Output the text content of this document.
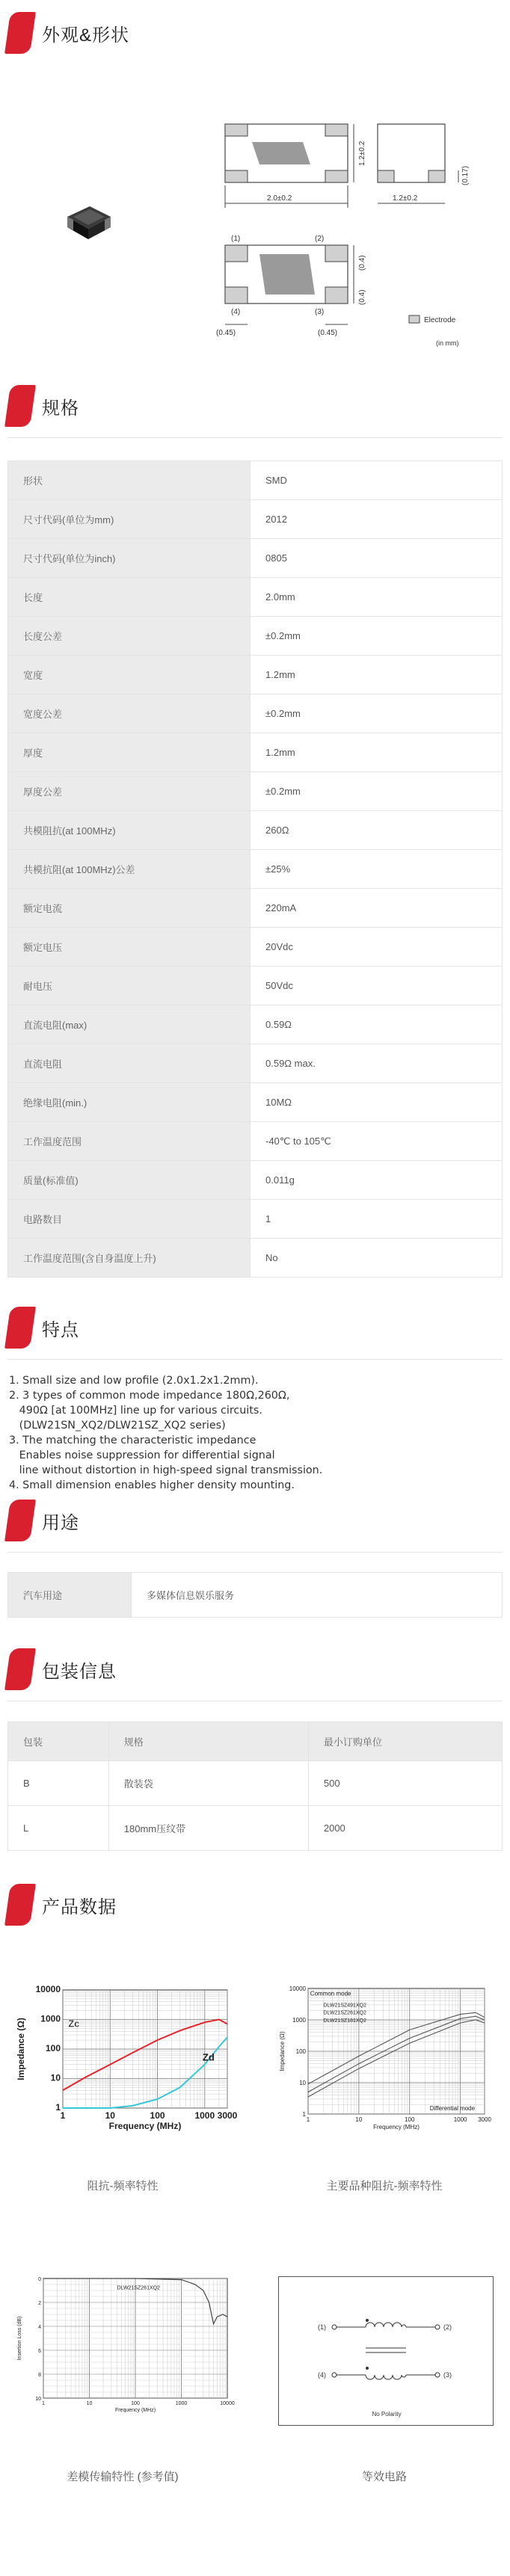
外观&形状
2.0±0.2
1.2±0.2
1.2±0.2
(0.17)
(1)	(2)
(4)	(3)
(0.4)
(0.4)
(0.45)	(0.45)
Electrode
(in mm)
规格
形状	SMD
尺寸代码(单位为mm)	2012
尺寸代码(单位为inch)	0805
长度	2.0mm
长度公差	±0.2mm
宽度	1.2mm
宽度公差	±0.2mm
厚度	1.2mm
厚度公差	±0.2mm
共模阻抗(at 100MHz)	260Ω
共模抗阻(at 100MHz)公差	±25%
额定电流	220mA
额定电压	20Vdc
耐电压	50Vdc
直流电阻(max)	0.59Ω
直流电阻	0.59Ω max.
绝缘电阻(min.)	10MΩ
工作温度范围	-40℃ to 105℃
质量(标准值)	0.011g
电路数目	1
工作温度范围(含自身温度上升)	No
特点
1. Small size and low profile (2.0x1.2x1.2mm).
2. 3 types of common mode impedance 180Ω,260Ω,
490Ω [at 100MHz] line up for various circuits.
(DLW21SN_XQ2/DLW21SZ_XQ2 series)
3. The matching the characteristic impedance
Enables noise suppression for differential signal
line without distortion in high-speed signal transmission.
4. Small dimension enables higher density mounting.
用途
汽车用途	多媒体信息娱乐服务
包装信息
包装	规格	最小订购单位
B	散装袋	500
L	180mm压纹带	2000
产品数据
10000
1000
100
10
1
1	10	100	1000 3000
Frequency (MHz)
Impedance (Ω)	Zc
Zd
阻抗-频率特性
10000
1000
100
10
1
1	10	100	1000 3000
Frequency (MHz)
Impedance (Ω)
Common mode
Differential mode
DLW21SZ491XQ2
DLW21SZ261XQ2
DLW21SZ181XQ2
主要品种阻抗-频率特性
0
2
4
6
8
10
1	10	100	1000	10000
Frequency (MHz)
Insertion Loss (dB)
DLW21SZ261XQ2
差模传输特性 (参考值)
(1)
(4)
(2)
(3)
No Polarity
等效电路
